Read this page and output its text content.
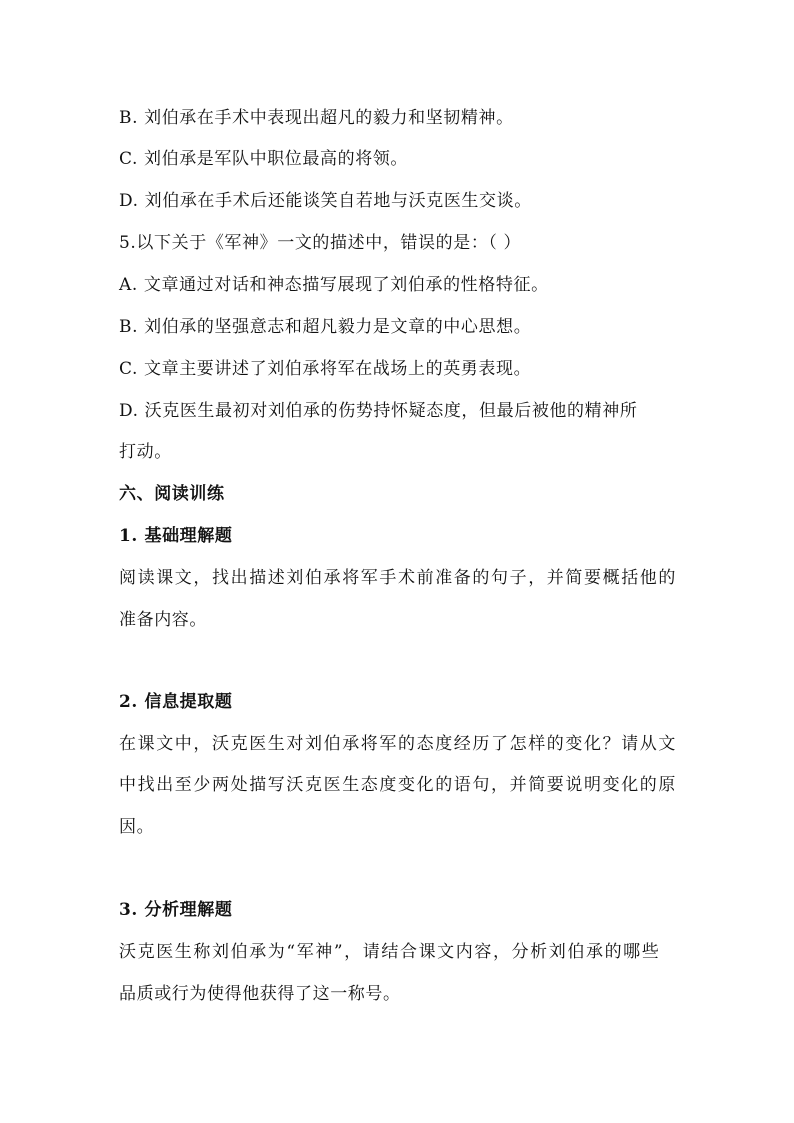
B. 刘伯承在手术中表现出超凡的毅力和坚韧精神。
C. 刘伯承是军队中职位最高的将领。
D. 刘伯承在手术后还能谈笑自若地与沃克医生交谈。
5.以下关于《军神》一文的描述中，错误的是：（ ）
A. 文章通过对话和神态描写展现了刘伯承的性格特征。
B. 刘伯承的坚强意志和超凡毅力是文章的中心思想。
C. 文章主要讲述了刘伯承将军在战场上的英勇表现。
D. 沃克医生最初对刘伯承的伤势持怀疑态度，但最后被他的精神所
打动。
六、阅读训练
1. 基础理解题
阅读课文，找出描述刘伯承将军手术前准备的句子，并简要概括他的
准备内容。
2. 信息提取题
在课文中，沃克医生对刘伯承将军的态度经历了怎样的变化？请从文
中找出至少两处描写沃克医生态度变化的语句，并简要说明变化的原
因。
3. 分析理解题
沃克医生称刘伯承为“军神”，请结合课文内容，分析刘伯承的哪些
品质或行为使得他获得了这一称号。
